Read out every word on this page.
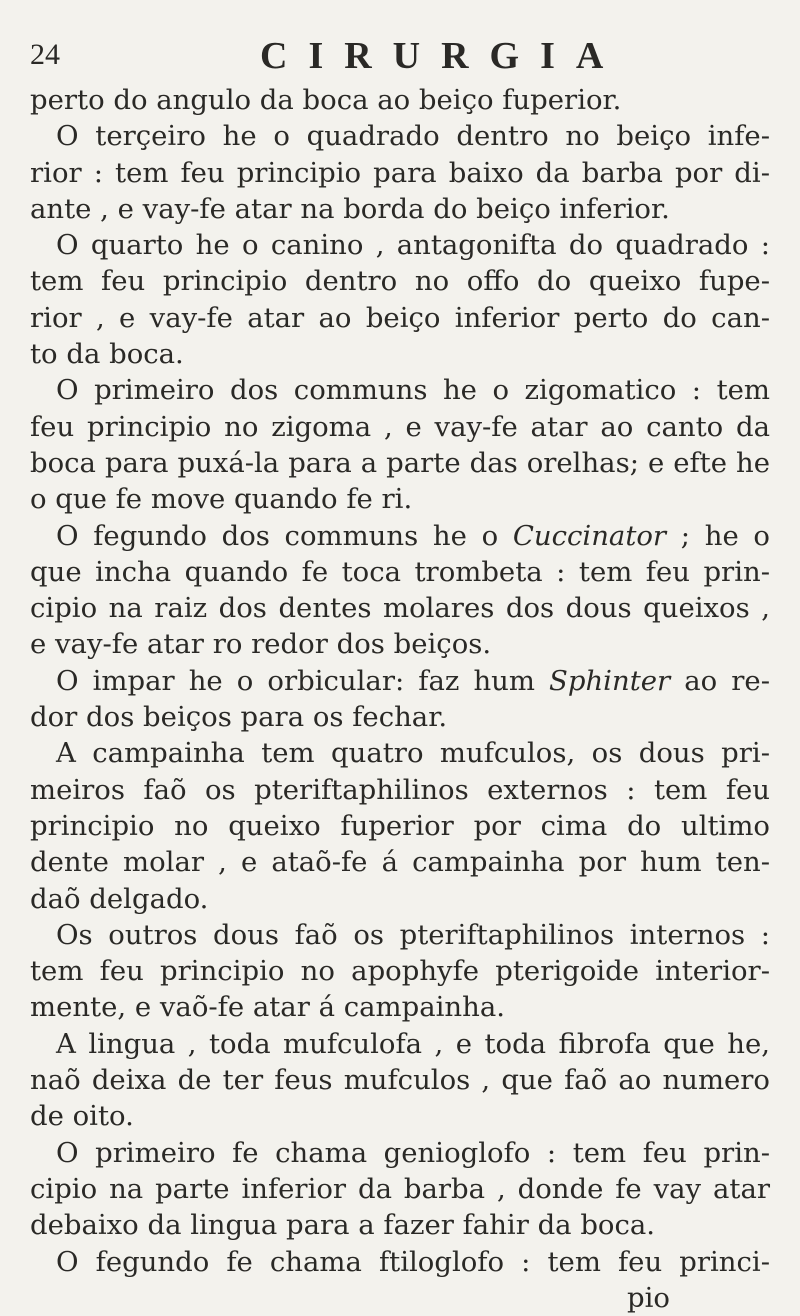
24	CIRURGIA
perto do angulo da boca ao beiço fuperior.
O terçeiro he o quadrado dentro no beiço infe-
rior : tem feu principio para baixo da barba por di-
ante , e vay-fe atar na borda do beiço inferior.
O quarto he o canino , antagonifta do quadrado :
tem feu principio dentro no offo do queixo fupe-
rior , e vay-fe atar ao beiço inferior perto do can-
to da boca.
O primeiro dos communs he o zigomatico : tem
feu principio no zigoma , e vay-fe atar ao canto da
boca para puxá-la para a parte das orelhas; e efte he
o que fe move quando fe ri.
O fegundo dos communs he o Cuccinator ; he o
que incha quando fe toca trombeta : tem feu prin-
cipio na raiz dos dentes molares dos dous queixos ,
e vay-fe atar ro redor dos beiços.
O impar he o orbicular: faz hum Sphinter ao re-
dor dos beiços para os fechar.
A campainha tem quatro mufculos, os dous pri-
meiros faõ os pteriftaphilinos externos : tem feu
principio no queixo fuperior por cima do ultimo
dente molar , e ataõ-fe á campainha por hum ten-
daõ delgado.
Os outros dous faõ os pteriftaphilinos internos :
tem feu principio no apophyfe pterigoide interior-
mente, e vaõ-fe atar á campainha.
A lingua , toda mufculofa , e toda fibrofa que he,
naõ deixa de ter feus mufculos , que faõ ao numero
de oito.
O primeiro fe chama genioglofo : tem feu prin-
cipio na parte inferior da barba , donde fe vay atar
debaixo da lingua para a fazer fahir da boca.
O fegundo fe chama ftiloglofo : tem feu princi-
pio
